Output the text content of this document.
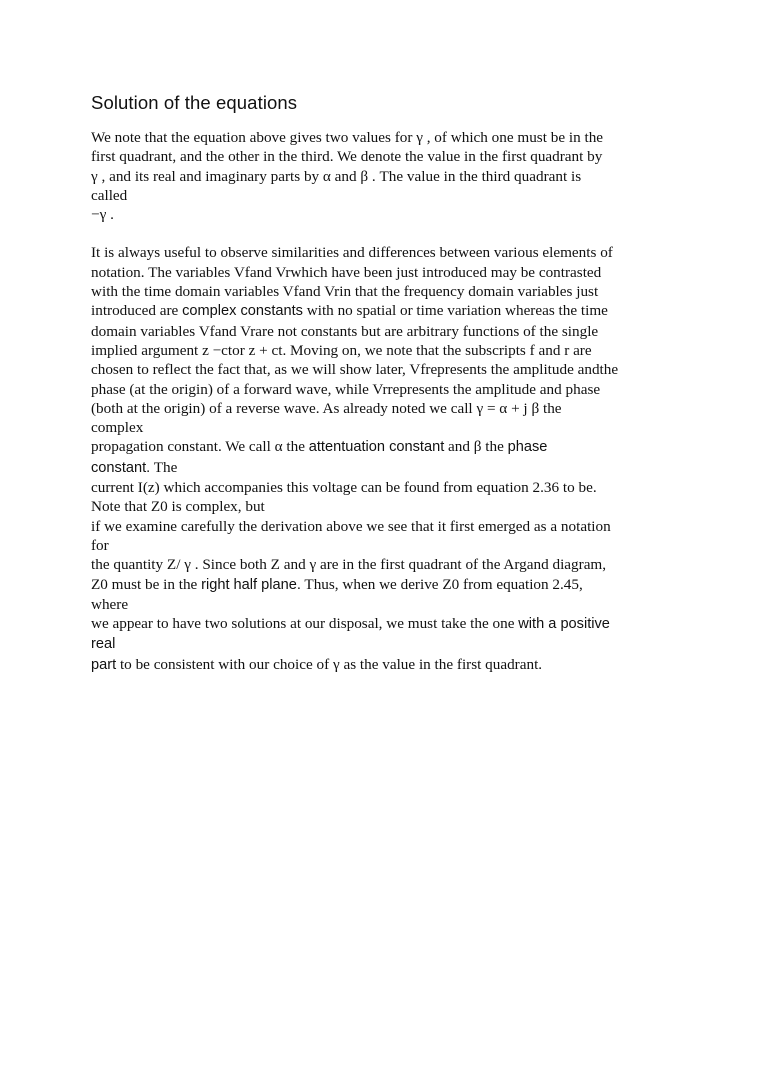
Solution of the equations
We note that the equation above gives two values for γ , of which one must be in the
first quadrant, and the other in the third. We denote the value in the first quadrant by
γ , and its real and imaginary parts by α and β . The value in the third quadrant is
called
−γ .
It is always useful to observe similarities and differences between various elements of
notation. The variables Vfand Vrwhich have been just introduced may be contrasted
with the time domain variables Vfand Vrin that the frequency domain variables just
introduced are complex constants with no spatial or time variation whereas the time
domain variables Vfand Vrare not constants but are arbitrary functions of the single
implied argument z −ctor z + ct. Moving on, we note that the subscripts f and r are
chosen to reflect the fact that, as we will show later, Vfrepresents the amplitude andthe
phase (at the origin) of a forward wave, while Vrrepresents the amplitude and phase
(both at the origin) of a reverse wave. As already noted we call γ = α + j β the
complex
propagation constant. We call α the attentuation constant and β the phase
constant. The
current I(z) which accompanies this voltage can be found from equation 2.36 to be.
Note that Z0 is complex, but
if we examine carefully the derivation above we see that it first emerged as a notation
for
the quantity Z/ γ . Since both Z and γ are in the first quadrant of the Argand diagram,
Z0 must be in the right half plane. Thus, when we derive Z0 from equation 2.45,
where
we appear to have two solutions at our disposal, we must take the one with a positive
real
part to be consistent with our choice of γ as the value in the first quadrant.
